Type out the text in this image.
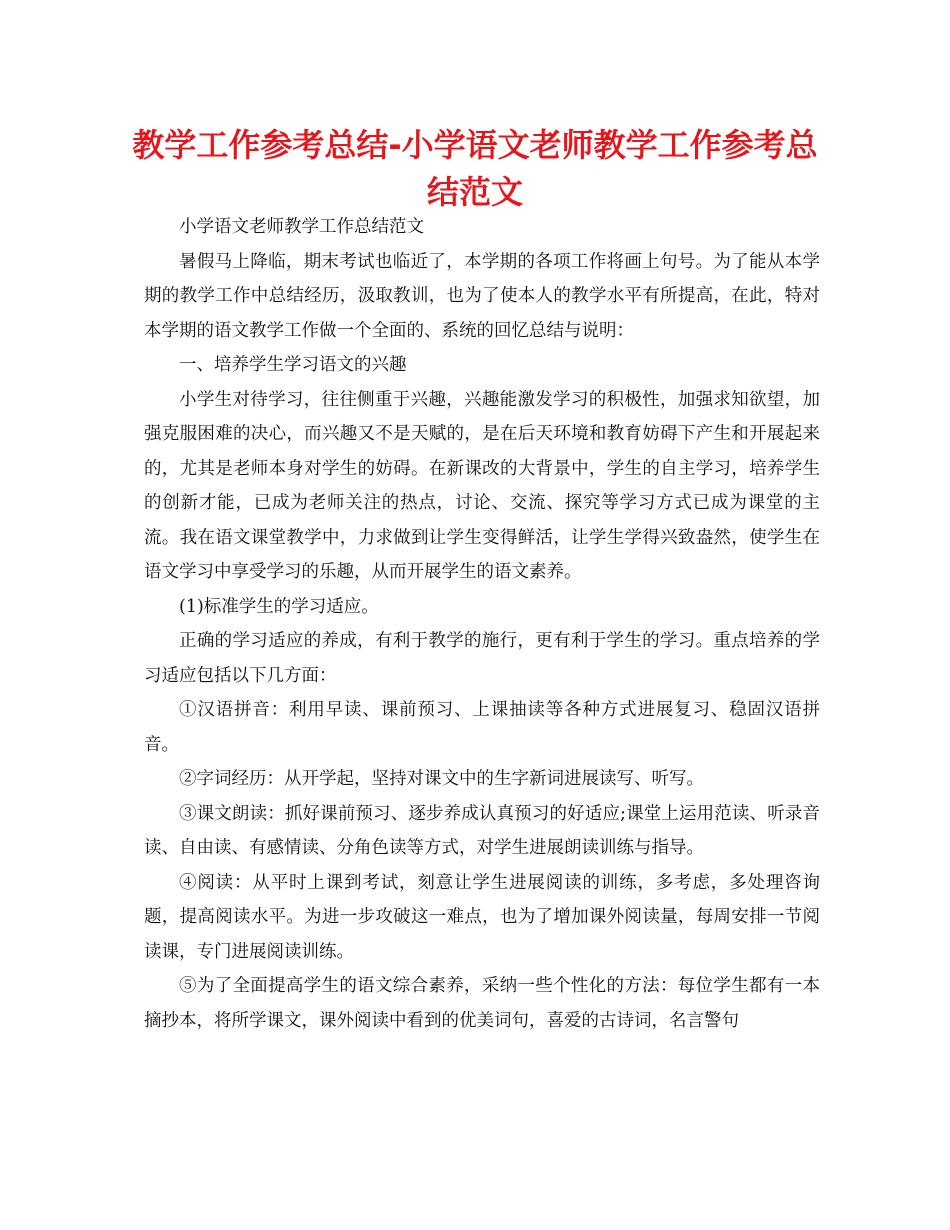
教学工作参考总结-小学语文老师教学工作参考总结范文

小学语文老师教学工作总结范文

暑假马上降临，期末考试也临近了，本学期的各项工作将画上句号。为了能从本学期的教学工作中总结经历，汲取教训，也为了使本人的教学水平有所提高，在此，特对本学期的语文教学工作做一个全面的、系统的回忆总结与说明：

一、培养学生学习语文的兴趣

小学生对待学习，往往侧重于兴趣，兴趣能激发学习的积极性，加强求知欲望，加强克服困难的决心，而兴趣又不是天赋的，是在后天环境和教育妨碍下产生和开展起来的，尤其是老师本身对学生的妨碍。在新课改的大背景中，学生的自主学习，培养学生的创新才能，已成为老师关注的热点，讨论、交流、探究等学习方式已成为课堂的主流。我在语文课堂教学中，力求做到让学生变得鲜活，让学生学得兴致盎然，使学生在语文学习中享受学习的乐趣，从而开展学生的语文素养。

(1)标准学生的学习适应。

正确的学习适应的养成，有利于教学的施行，更有利于学生的学习。重点培养的学习适应包括以下几方面：

①汉语拼音：利用早读、课前预习、上课抽读等各种方式进展复习、稳固汉语拼音。

②字词经历：从开学起，坚持对课文中的生字新词进展读写、听写。

③课文朗读：抓好课前预习、逐步养成认真预习的好适应;课堂上运用范读、听录音读、自由读、有感情读、分角色读等方式，对学生进展朗读训练与指导。

④阅读：从平时上课到考试，刻意让学生进展阅读的训练，多考虑，多处理咨询题，提高阅读水平。为进一步攻破这一难点，也为了增加课外阅读量，每周安排一节阅读课，专门进展阅读训练。

⑤为了全面提高学生的语文综合素养，采纳一些个性化的方法：每位学生都有一本摘抄本，将所学课文，课外阅读中看到的优美词句，喜爱的古诗词，名言警句
